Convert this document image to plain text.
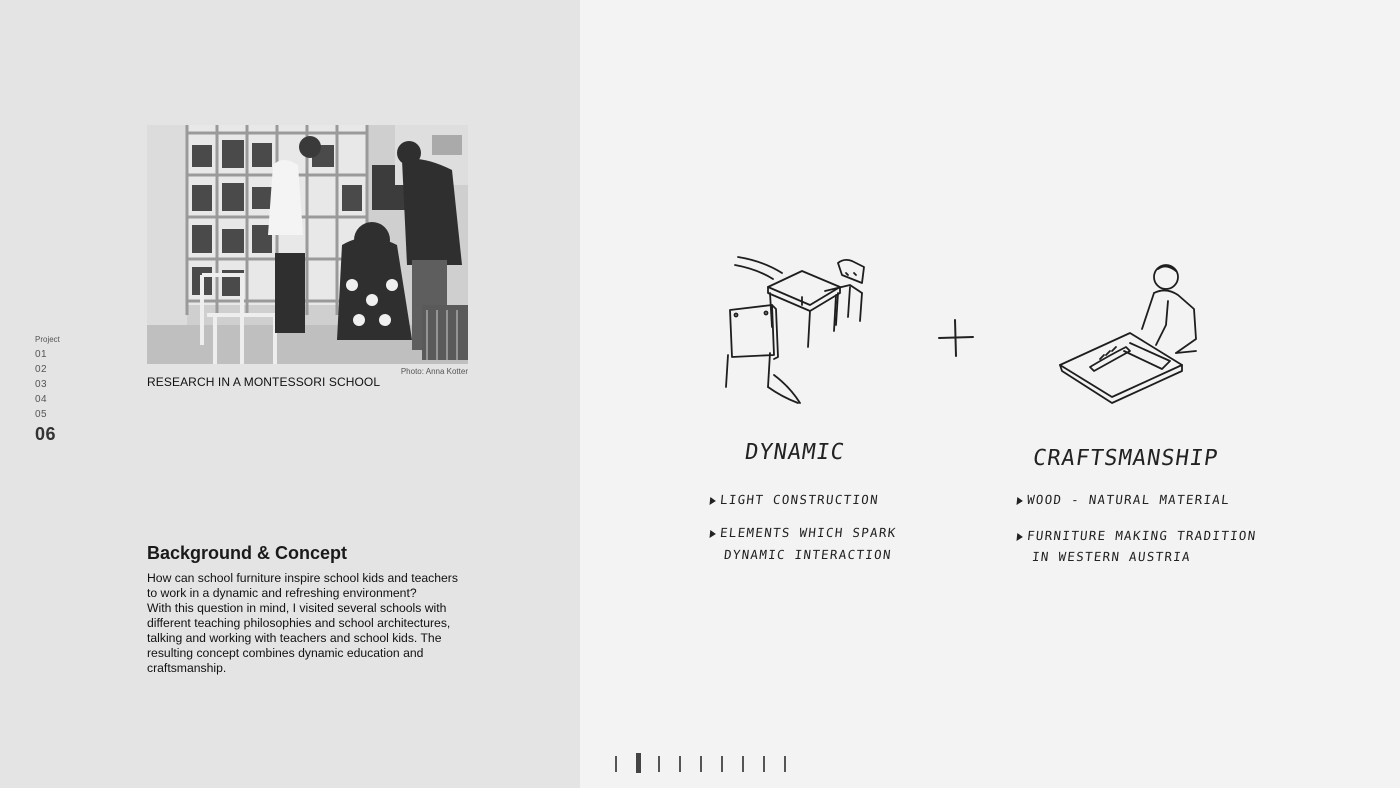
Project
01
02
03
04
05
06
Photo: Anna Kotter
RESEARCH IN A MONTESSORI SCHOOL
Background & Concept

How can school furniture inspire school kids and teachers
to work in a dynamic and refreshing environment?
With this question in mind, I visited several schools with
different teaching philosophies and school architectures,
talking and working with teachers and school kids. The
resulting concept combines dynamic education and
craftsmanship.

DYNAMIC
LIGHT CONSTRUCTION
ELEMENTS WHICH SPARK
DYNAMIC INTERACTION
CRAFTSMANSHIP
WOOD - NATURAL MATERIAL
FURNITURE MAKING TRADITION
IN WESTERN AUSTRIA
